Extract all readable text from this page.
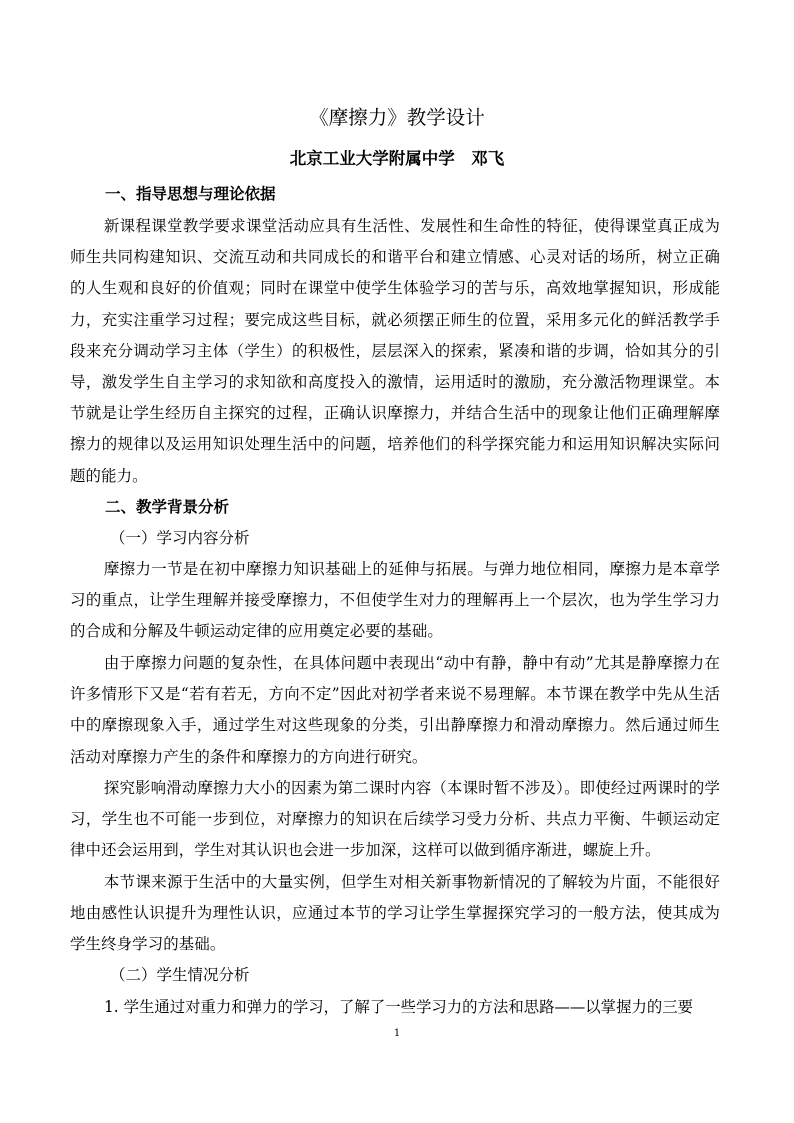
《摩擦力》教学设计
北京工业大学附属中学　邓飞
一、指导思想与理论依据

新课程课堂教学要求课堂活动应具有生活性、发展性和生命性的特征，使得课堂真正成为师生共同构建知识、交流互动和共同成长的和谐平台和建立情感、心灵对话的场所，树立正确的人生观和良好的价值观；同时在课堂中使学生体验学习的苦与乐，高效地掌握知识，形成能力，充实注重学习过程；要完成这些目标，就必须摆正师生的位置，采用多元化的鲜活教学手段来充分调动学习主体（学生）的积极性，层层深入的探索，紧凑和谐的步调，恰如其分的引导，激发学生自主学习的求知欲和高度投入的激情，运用适时的激励，充分激活物理课堂。本节就是让学生经历自主探究的过程，正确认识摩擦力，并结合生活中的现象让他们正确理解摩擦力的规律以及运用知识处理生活中的问题，培养他们的科学探究能力和运用知识解决实际问题的能力。

二、教学背景分析
（一）学习内容分析

摩擦力一节是在初中摩擦力知识基础上的延伸与拓展。与弹力地位相同，摩擦力是本章学习的重点，让学生理解并接受摩擦力，不但使学生对力的理解再上一个层次，也为学生学习力的合成和分解及牛顿运动定律的应用奠定必要的基础。

由于摩擦力问题的复杂性，在具体问题中表现出“动中有静，静中有动”尤其是静摩擦力在许多情形下又是“若有若无，方向不定”因此对初学者来说不易理解。本节课在教学中先从生活中的摩擦现象入手，通过学生对这些现象的分类，引出静摩擦力和滑动摩擦力。然后通过师生活动对摩擦力产生的条件和摩擦力的方向进行研究。

探究影响滑动摩擦力大小的因素为第二课时内容（本课时暂不涉及）。即使经过两课时的学习，学生也不可能一步到位，对摩擦力的知识在后续学习受力分析、共点力平衡、牛顿运动定律中还会运用到，学生对其认识也会进一步加深，这样可以做到循序渐进，螺旋上升。

本节课来源于生活中的大量实例，但学生对相关新事物新情况的了解较为片面，不能很好地由感性认识提升为理性认识，应通过本节的学习让学生掌握探究学习的一般方法，使其成为学生终身学习的基础。

（二）学生情况分析
1. 学生通过对重力和弹力的学习，了解了一些学习力的方法和思路——以掌握力的三要
1
